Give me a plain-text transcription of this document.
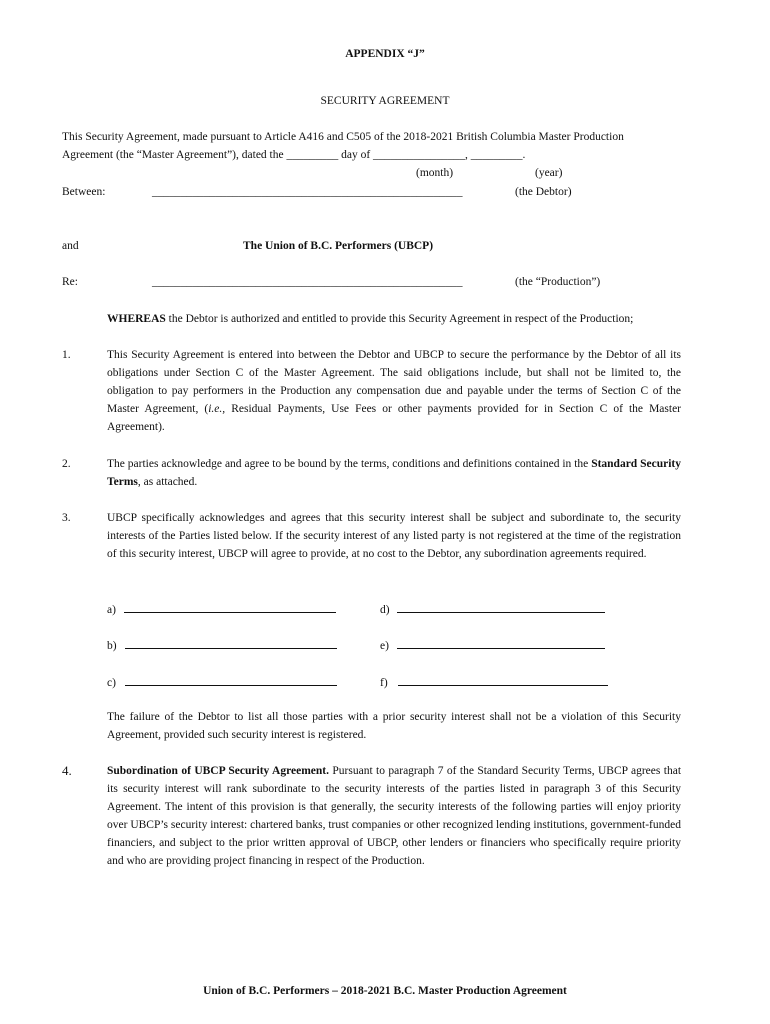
APPENDIX “J”
SECURITY AGREEMENT
This Security Agreement, made pursuant to Article A416 and C505 of the 2018-2021 British Columbia Master Production
Agreement (the “Master Agreement”), dated the _________ day of ________________, _________.
(month)	(year)
Between:	______________________________________________________	(the Debtor)
and	The Union of B.C. Performers (UBCP)
Re:	______________________________________________________	(the “Production”)
WHEREAS the Debtor is authorized and entitled to provide this Security Agreement in respect of the Production;
1.	This Security Agreement is entered into between the Debtor and UBCP to secure the performance by the Debtor of all its obligations under Section C of the Master Agreement. The said obligations include, but shall not be limited to, the obligation to pay performers in the Production any compensation due and payable under the terms of Section C of the Master Agreement, (i.e., Residual Payments, Use Fees or other payments provided for in Section C of the Master Agreement).
2.	The parties acknowledge and agree to be bound by the terms, conditions and definitions contained in the Standard Security Terms, as attached.
3.	UBCP specifically acknowledges and agrees that this security interest shall be subject and subordinate to, the security interests of the Parties listed below. If the security interest of any listed party is not registered at the time of the registration of this security interest, UBCP will agree to provide, at no cost to the Debtor, any subordination agreements required.
a)	d)
b)	e)
c)	f)
The failure of the Debtor to list all those parties with a prior security interest shall not be a violation of this Security Agreement, provided such security interest is registered.
4.	Subordination of UBCP Security Agreement. Pursuant to paragraph 7 of the Standard Security Terms, UBCP agrees that its security interest will rank subordinate to the security interests of the parties listed in paragraph 3 of this Security Agreement. The intent of this provision is that generally, the security interests of the following parties will enjoy priority over UBCP’s security interest: chartered banks, trust companies or other recognized lending institutions, government-funded financiers, and subject to the prior written approval of UBCP, other lenders or financiers who specifically require priority and who are providing project financing in respect of the Production.
Union of B.C. Performers – 2018-2021 B.C. Master Production Agreement
